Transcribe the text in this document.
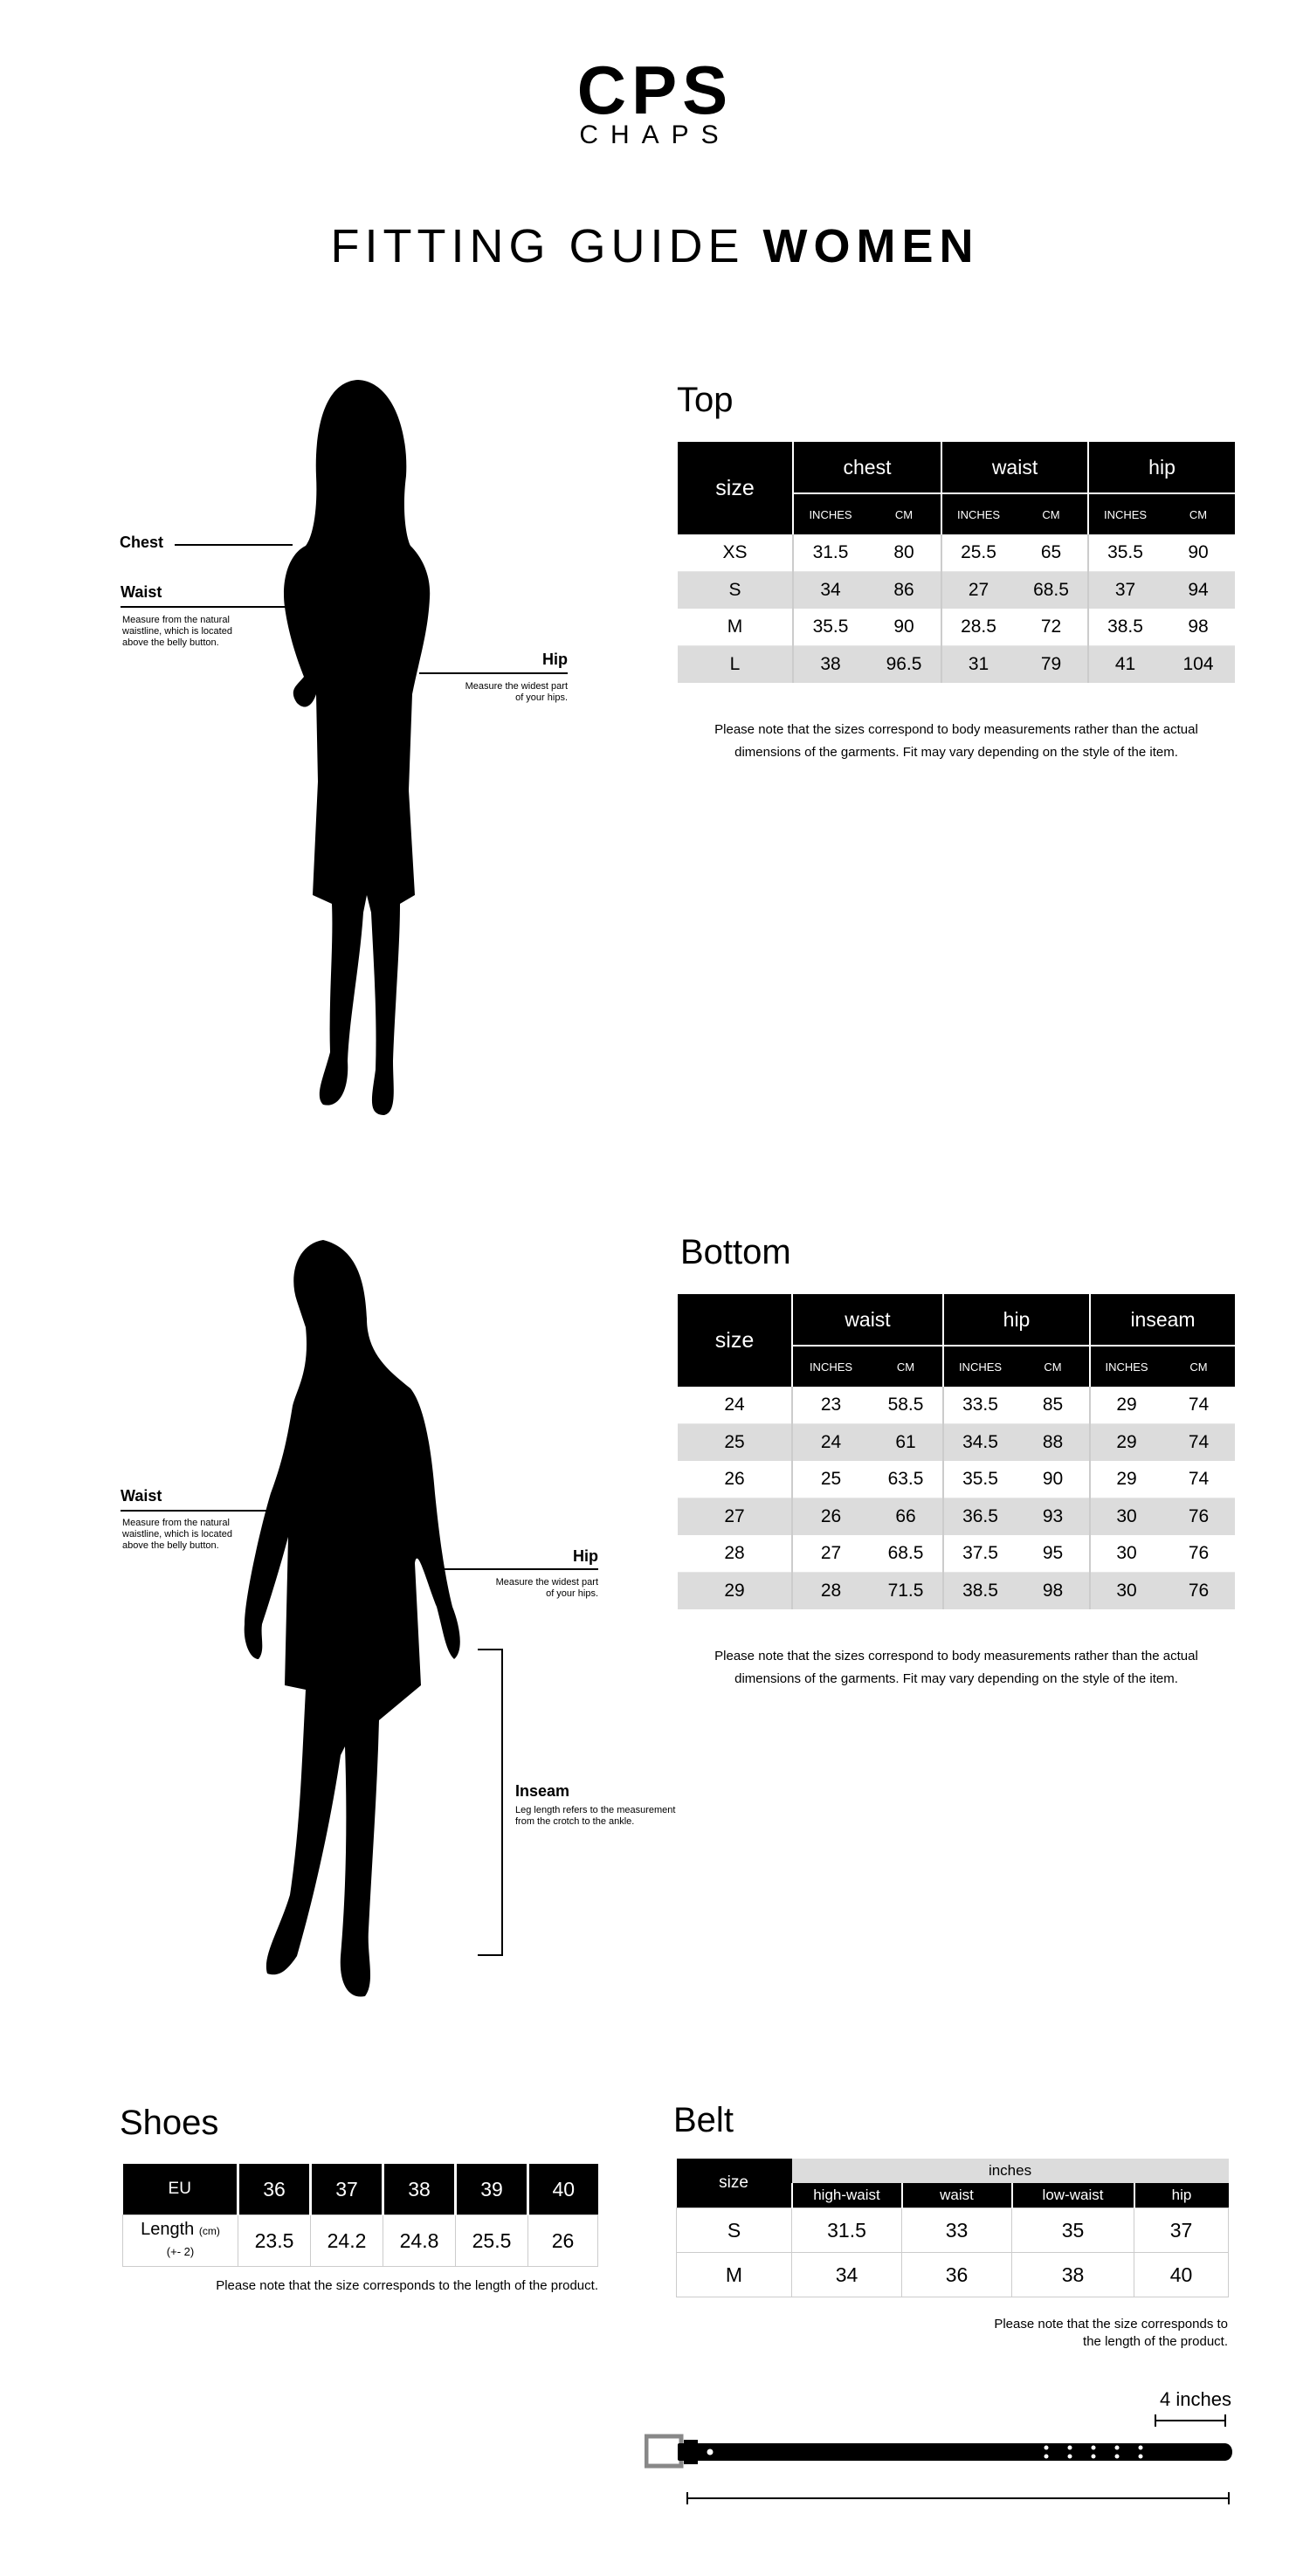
CPS
CHAPS
FITTING GUIDE WOMEN
Chest
Waist
Measure from the natural
waistline, which is located
above the belly button.
Hip
Measure the widest part
of your hips.
Top
size	chest		waist		hip	
	INCHES	CM	INCHES	CM	INCHES	CM
XS	31.5	80	25.5	65	35.5	90
S	34	86	27	68.5	37	94
M	35.5	90	28.5	72	38.5	98
L	38	96.5	31	79	41	104
Please note that the sizes correspond to body measurements rather than the actual
dimensions of the garments. Fit may vary depending on the style of the item.
Waist
Measure from the natural
waistline, which is located
above the belly button.
Hip
Measure the widest part
of your hips.
Inseam
Leg length refers to the measurement
from the crotch to the ankle.
Bottom
size	waist		hip		inseam	
	INCHES	CM	INCHES	CM	INCHES	CM
24	23	58.5	33.5	85	29	74
25	24	61	34.5	88	29	74
26	25	63.5	35.5	90	29	74
27	26	66	36.5	93	30	76
28	27	68.5	37.5	95	30	76
29	28	71.5	38.5	98	30	76
Please note that the sizes correspond to body measurements rather than the actual
dimensions of the garments. Fit may vary depending on the style of the item.
Shoes
EU	36	37	38	39	40
Length (cm)
(+- 2)	23.5	24.2	24.8	25.5	26
Please note that the size corresponds to the length of the product.
Belt
size	inches			
	high-waist	waist	low-waist	hip
S	31.5	33	35	37
M	34	36	38	40
Please note that the size corresponds to
the length of the product.
4 inches
